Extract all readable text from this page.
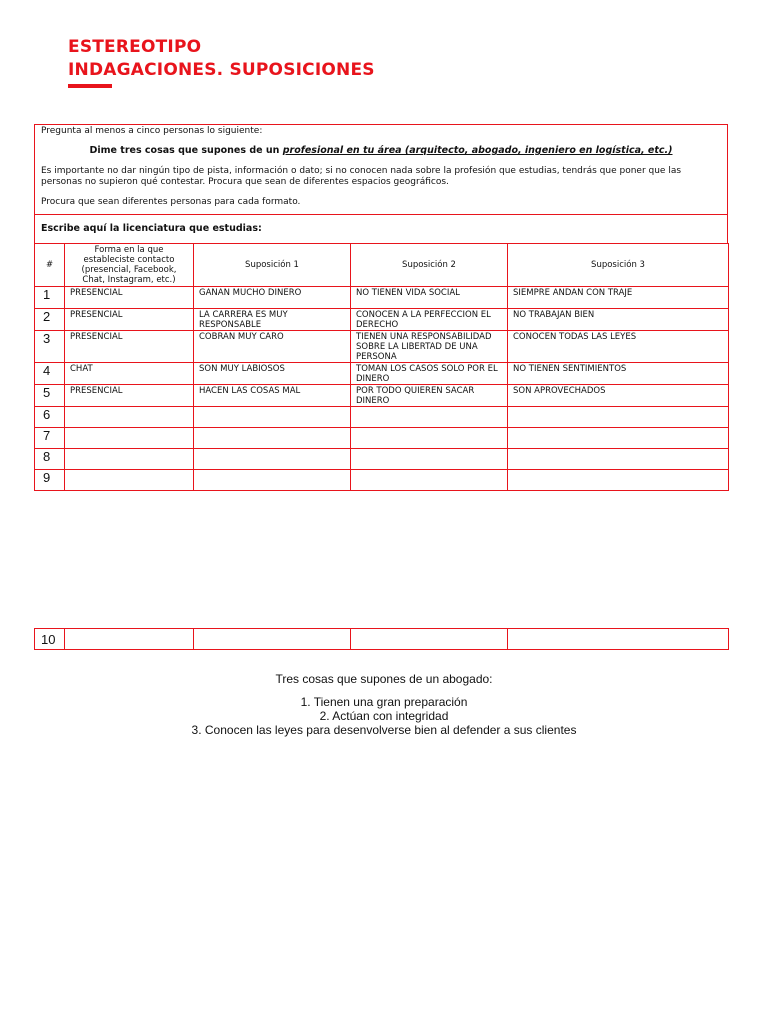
ESTEREOTIPO
INDAGACIONES. SUPOSICIONES

Pregunta al menos a cinco personas lo siguiente:

Dime tres cosas que supones de un profesional en tu área (arquitecto, abogado, ingeniero en logística, etc.)

Es importante no dar ningún tipo de pista, información o dato; si no conocen nada sobre la profesión que estudias, tendrás que poner que las personas no supieron qué contestar. Procura que sean de diferentes espacios geográficos.

Procura que sean diferentes personas para cada formato.

Escribe aquí la licenciatura que estudias:
#	Forma en la que estableciste contacto (presencial, Facebook, Chat, Instagram, etc.)	Suposición 1	Suposición 2	Suposición 3
1	PRESENCIAL	GANAN MUCHO DINERO	NO TIENEN VIDA SOCIAL	SIEMPRE ANDAN CON TRAJE
2	PRESENCIAL	LA CARRERA ES MUY RESPONSABLE	CONOCEN A LA PERFECCION EL DERECHO	NO TRABAJAN BIEN
3	PRESENCIAL	COBRAN MUY CARO	TIENEN UNA RESPONSABILIDAD SOBRE LA LIBERTAD DE UNA PERSONA	CONOCEN TODAS LAS LEYES
4	CHAT	SON MUY LABIOSOS	TOMAN LOS CASOS SOLO POR EL DINERO	NO TIENEN SENTIMIENTOS
5	PRESENCIAL	HACEN LAS COSAS MAL	POR TODO QUIEREN SACAR DINERO	SON APROVECHADOS
6				
7				
8				
9				
10				
Tres cosas que supones de un abogado:
1. Tienen una gran preparación
2. Actúan con integridad
3. Conocen las leyes para desenvolverse bien al defender a sus clientes
